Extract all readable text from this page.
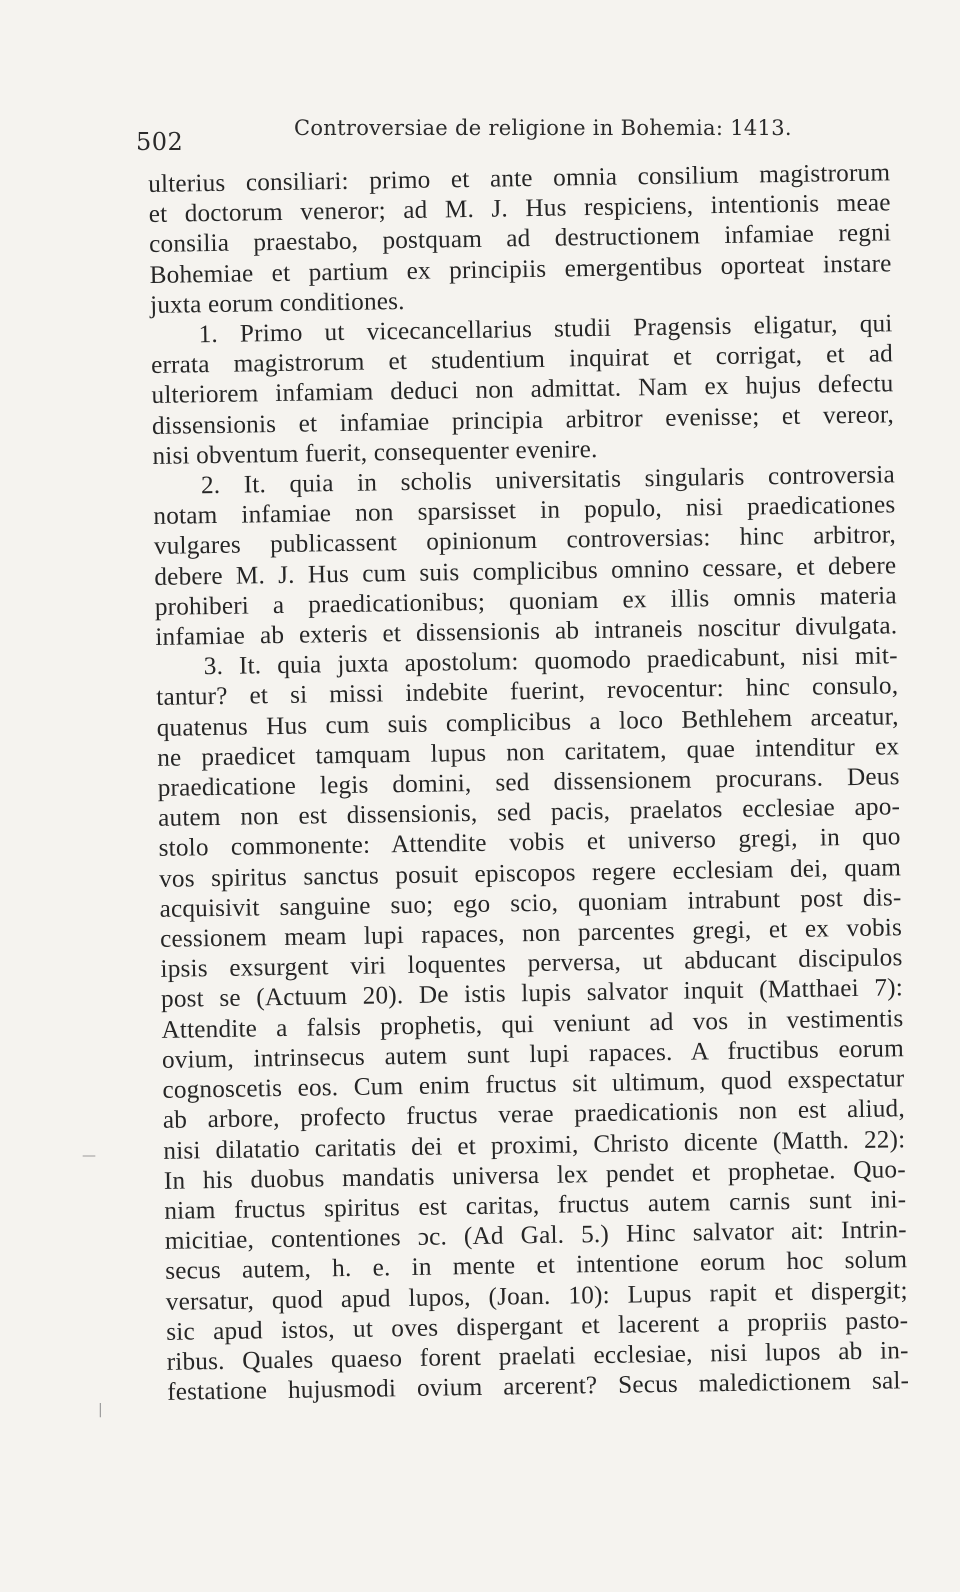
502	Controversiae de religione in Bohemia: 1413.
ulterius consiliari: primo et ante omnia consilium magistrorum
et doctorum veneror; ad M. J. Hus respiciens, intentionis meae
consilia praestabo, postquam ad destructionem infamiae regni
Bohemiae et partium ex principiis emergentibus oporteat instare
juxta eorum conditiones.
1. Primo ut vicecancellarius studii Pragensis eligatur, qui
errata magistrorum et studentium inquirat et corrigat, et ad
ulteriorem infamiam deduci non admittat. Nam ex hujus defectu
dissensionis et infamiae principia arbitror evenisse; et vereor,
nisi obventum fuerit, consequenter evenire.
2. It. quia in scholis universitatis singularis controversia
notam infamiae non sparsisset in populo, nisi praedicationes
vulgares publicassent opinionum controversias: hinc arbitror,
debere M. J. Hus cum suis complicibus omnino cessare, et debere
prohiberi a praedicationibus; quoniam ex illis omnis materia
infamiae ab exteris et dissensionis ab intraneis noscitur divulgata.
3. It. quia juxta apostolum: quomodo praedicabunt, nisi mit-
tantur? et si missi indebite fuerint, revocentur: hinc consulo,
quatenus Hus cum suis complicibus a loco Bethlehem arceatur,
ne praedicet tamquam lupus non caritatem, quae intenditur ex
praedicatione legis domini, sed dissensionem procurans. Deus
autem non est dissensionis, sed pacis, praelatos ecclesiae apo-
stolo commonente: Attendite vobis et universo gregi, in quo
vos spiritus sanctus posuit episcopos regere ecclesiam dei, quam
acquisivit sanguine suo; ego scio, quoniam intrabunt post dis-
cessionem meam lupi rapaces, non parcentes gregi, et ex vobis
ipsis exsurgent viri loquentes perversa, ut abducant discipulos
post se (Actuum 20). De istis lupis salvator inquit (Matthaei 7):
Attendite a falsis prophetis, qui veniunt ad vos in vestimentis
ovium, intrinsecus autem sunt lupi rapaces. A fructibus eorum
cognoscetis eos. Cum enim fructus sit ultimum, quod exspectatur
ab arbore, profecto fructus verae praedicationis non est aliud,
nisi dilatatio caritatis dei et proximi, Christo dicente (Matth. 22):
In his duobus mandatis universa lex pendet et prophetae. Quo-
niam fructus spiritus est caritas, fructus autem carnis sunt ini-
micitiae, contentiones ɔc. (Ad Gal. 5.) Hinc salvator ait: Intrin-
secus autem, h. e. in mente et intentione eorum hoc solum
versatur, quod apud lupos, (Joan. 10): Lupus rapit et dispergit;
sic apud istos, ut oves dispergant et lacerent a propriis pasto-
ribus. Quales quaeso forent praelati ecclesiae, nisi lupos ab in-
festatione hujusmodi ovium arcerent? Secus maledictionem sal-
—
|
